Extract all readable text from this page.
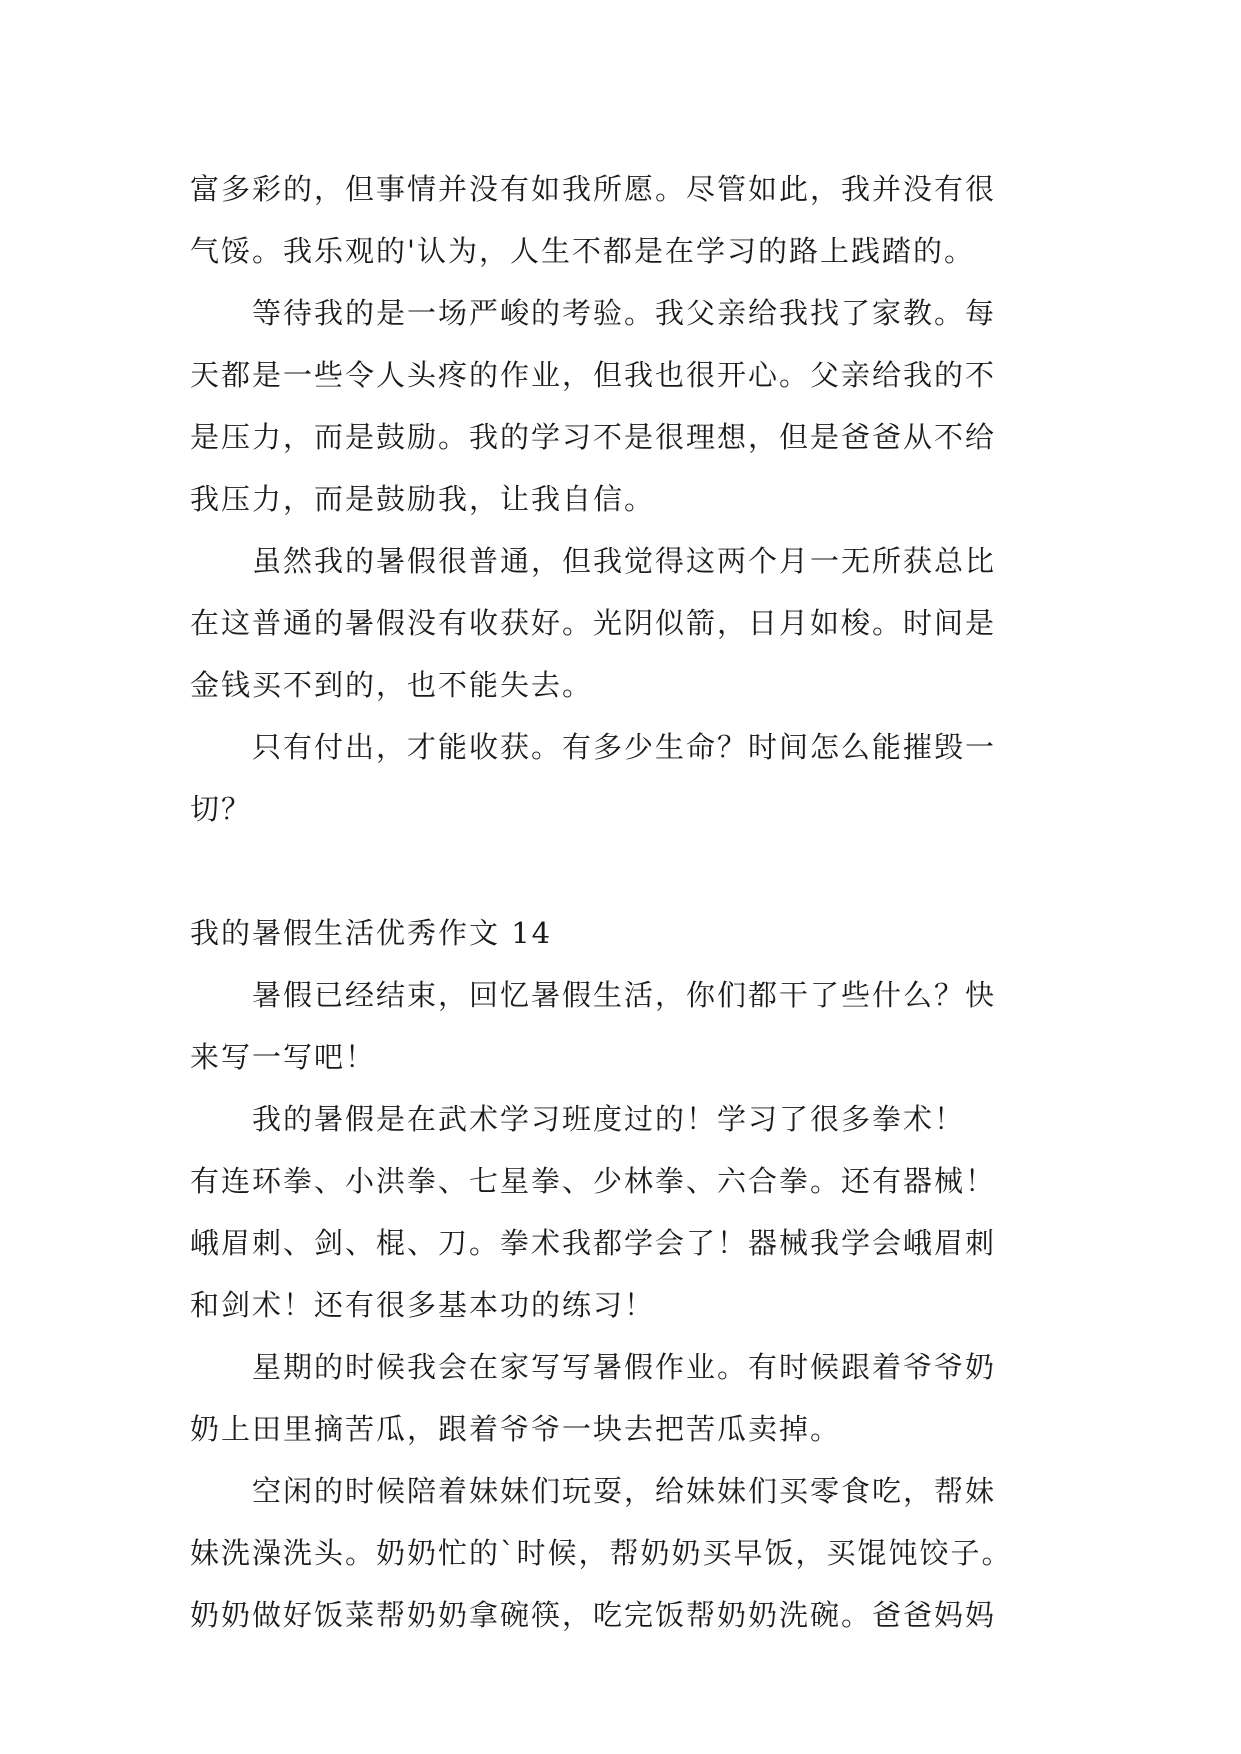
富多彩的，但事情并没有如我所愿。尽管如此，我并没有很
气馁。我乐观的'认为，人生不都是在学习的路上践踏的。
等待我的是一场严峻的考验。我父亲给我找了家教。每
天都是一些令人头疼的作业，但我也很开心。父亲给我的不
是压力，而是鼓励。我的学习不是很理想，但是爸爸从不给
我压力，而是鼓励我，让我自信。
虽然我的暑假很普通，但我觉得这两个月一无所获总比
在这普通的暑假没有收获好。光阴似箭，日月如梭。时间是
金钱买不到的，也不能失去。
只有付出，才能收获。有多少生命？时间怎么能摧毁一
切？
我的暑假生活优秀作文 14
暑假已经结束，回忆暑假生活，你们都干了些什么？快
来写一写吧！
我的暑假是在武术学习班度过的！学习了很多拳术！
有连环拳、小洪拳、七星拳、少林拳、六合拳。还有器械！
峨眉刺、剑、棍、刀。拳术我都学会了！器械我学会峨眉刺
和剑术！还有很多基本功的练习！
星期的时候我会在家写写暑假作业。有时候跟着爷爷奶
奶上田里摘苦瓜，跟着爷爷一块去把苦瓜卖掉。
空闲的时候陪着妹妹们玩耍，给妹妹们买零食吃，帮妹
妹洗澡洗头。奶奶忙的`时候，帮奶奶买早饭，买馄饨饺子。
奶奶做好饭菜帮奶奶拿碗筷，吃完饭帮奶奶洗碗。爸爸妈妈
